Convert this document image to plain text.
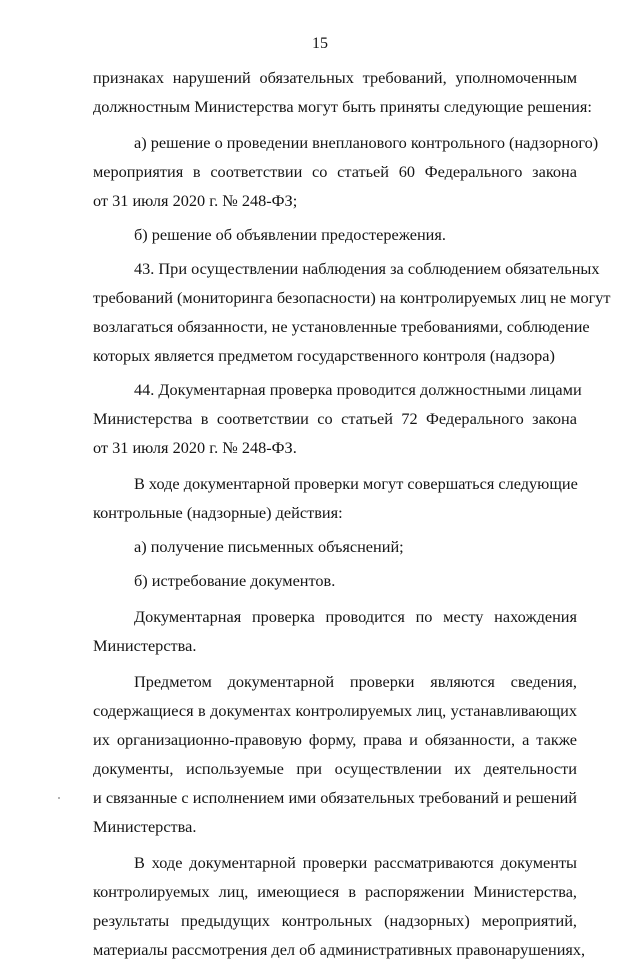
15
признаках нарушений обязательных требований, уполномоченным
должностным Министерства могут быть приняты следующие решения:
а) решение о проведении внепланового контрольного (надзорного)
мероприятия в соответствии со статьей 60 Федерального закона
от 31 июля 2020 г. № 248-ФЗ;
б) решение об объявлении предостережения.
43. При осуществлении наблюдения за соблюдением обязательных
требований (мониторинга безопасности) на контролируемых лиц не могут
возлагаться обязанности, не установленные требованиями, соблюдение
которых является предметом государственного контроля (надзора)
44. Документарная проверка проводится должностными лицами
Министерства в соответствии со статьей 72 Федерального закона
от 31 июля 2020 г. № 248-ФЗ.
В ходе документарной проверки могут совершаться следующие
контрольные (надзорные) действия:
а) получение письменных объяснений;
б) истребование документов.
Документарная проверка проводится по месту нахождения
Министерства.
Предметом документарной проверки являются сведения,
содержащиеся в документах контролируемых лиц, устанавливающих
их организационно-правовую форму, права и обязанности, а также
документы, используемые при осуществлении их деятельности
и связанные с исполнением ими обязательных требований и решений
Министерства.
В ходе документарной проверки рассматриваются документы
контролируемых лиц, имеющиеся в распоряжении Министерства,
результаты предыдущих контрольных (надзорных) мероприятий,
материалы рассмотрения дел об административных правонарушениях,
